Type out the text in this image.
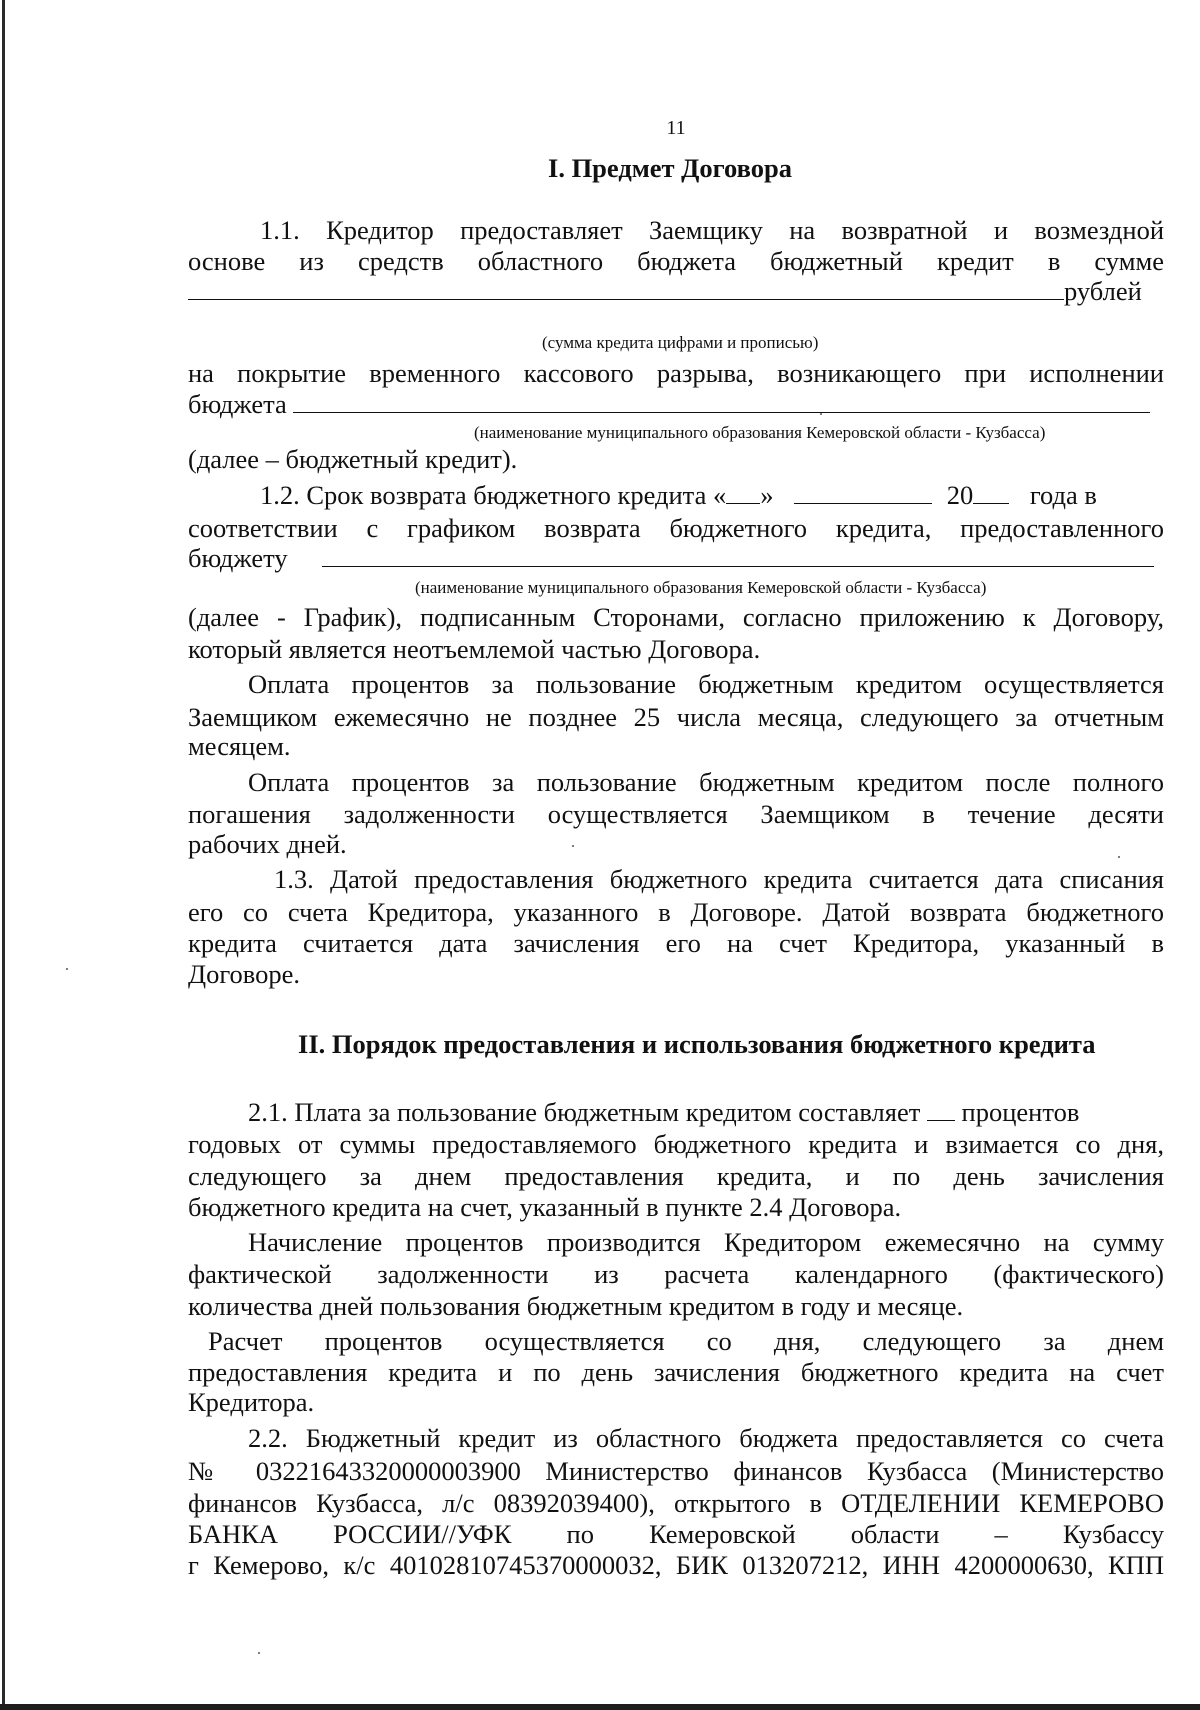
11
I. Предмет Договора
1.1. Кредитор предоставляет Заемщику на возвратной и возмездной
основе из средств областного бюджета бюджетный кредит в сумме
рублей
(сумма кредита цифрами и прописью)
на покрытие временного кассового разрыва, возникающего при исполнении
бюджета
(наименование муниципального образования Кемеровской области - Кузбасса)
(далее – бюджетный кредит).
1.2. Срок возврата бюджетного кредита « »	20 года в
соответствии с графиком возврата бюджетного кредита, предоставленного
бюджету
(наименование муниципального образования Кемеровской области - Кузбасса)
(далее - График), подписанным Сторонами, согласно приложению к Договору,
который является неотъемлемой частью Договора.
Оплата процентов за пользование бюджетным кредитом осуществляется
Заемщиком ежемесячно не позднее 25 числа месяца, следующего за отчетным
месяцем.
Оплата процентов за пользование бюджетным кредитом после полного
погашения задолженности осуществляется Заемщиком в течение десяти
рабочих дней.
1.3. Датой предоставления бюджетного кредита считается дата списания
его со счета Кредитора, указанного в Договоре. Датой возврата бюджетного
кредита считается дата зачисления его на счет Кредитора, указанный в
Договоре.
II. Порядок предоставления и использования бюджетного кредита
2.1. Плата за пользование бюджетным кредитом составляет процентов
годовых от суммы предоставляемого бюджетного кредита и взимается со дня,
следующего за днем предоставления кредита, и по день зачисления
бюджетного кредита на счет, указанный в пункте 2.4 Договора.
Начисление процентов производится Кредитором ежемесячно на сумму
фактической задолженности из расчета календарного (фактического)
количества дней пользования бюджетным кредитом в году и месяце.
Расчет процентов осуществляется со дня, следующего за днем
предоставления кредита и по день зачисления бюджетного кредита на счет
Кредитора.
2.2. Бюджетный кредит из областного бюджета предоставляется со счета
№ 03221643320000003900 Министерство финансов Кузбасса (Министерство
финансов Кузбасса, л/с 08392039400), открытого в ОТДЕЛЕНИИ КЕМЕРОВО
БАНКА РОССИИ//УФК по Кемеровской области – Кузбассу
г Кемерово, к/с 40102810745370000032, БИК 013207212, ИНН 4200000630, КПП
